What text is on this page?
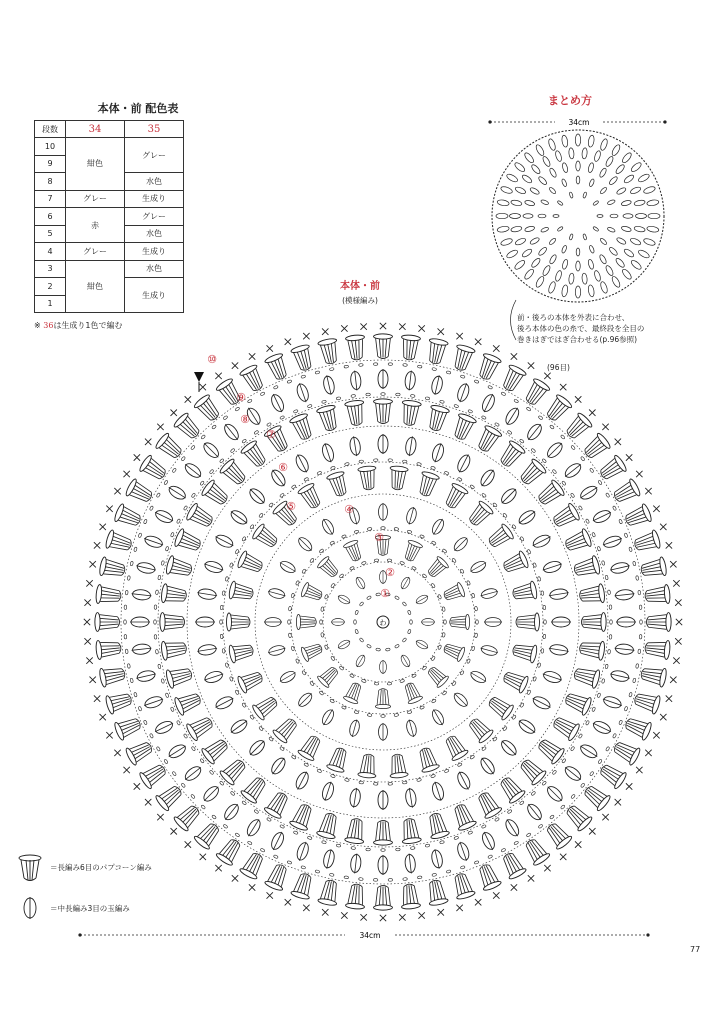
本体・前 配色表
段数	34	35
10	紺色	グレー
9		
8		水色
7	グレー	生成り
6	赤	グレー
5		水色
4	グレー	生成り
3	紺色	水色
2		生成り
1		
※ 36は生成り1色で編む
まとめ方
本体・前
(模様編み)
前・後ろの本体を外表に合わせ、
後ろ本体の色の糸で、最終段を全目の
巻きはぎではぎ合わせる(p.96参照)
(96目)
34cm
わ
①
②
③
④
⑤
⑥
⑦
⑧
⑨
⑩
34cm
＝長編み6目のパプコーン編み
＝中長編み3目の玉編み
77
